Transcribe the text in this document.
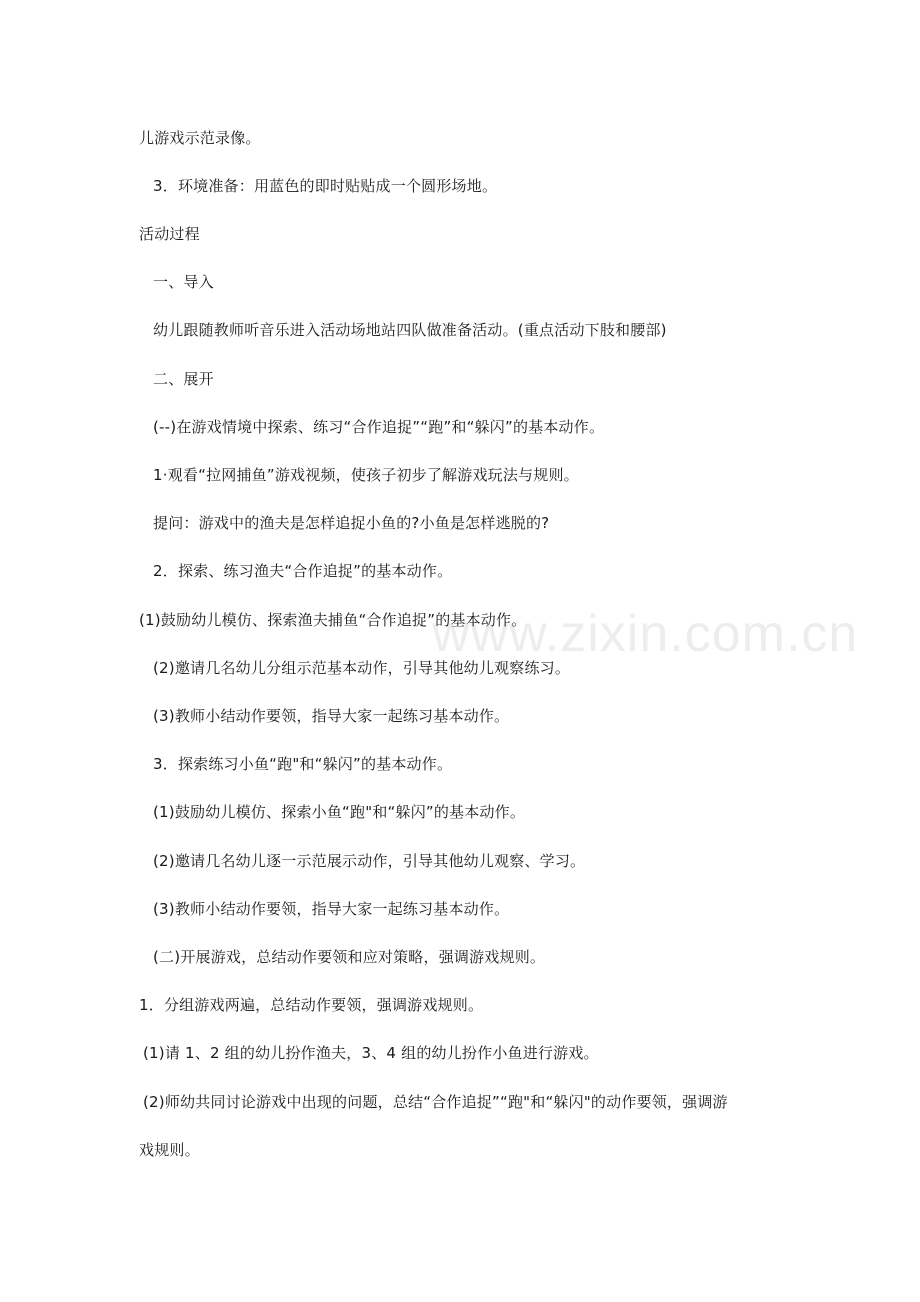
儿游戏示范录像。
3．环境准备：用蓝色的即时贴贴成一个圆形场地。
活动过程
一、导入
幼儿跟随教师听音乐进入活动场地站四队做准备活动。(重点活动下肢和腰部)
二、展开
(--)在游戏情境中探索、练习“合作追捉”“跑”和“躲闪”的基本动作。
1·观看“拉网捕鱼”游戏视频，使孩子初步了解游戏玩法与规则。
提问：游戏中的渔夫是怎样追捉小鱼的?小鱼是怎样逃脱的?
2．探索、练习渔夫“合作追捉”的基本动作。
(1)鼓励幼儿模仿、探索渔夫捕鱼“合作追捉”的基本动作。
(2)邀请几名幼儿分组示范基本动作，引导其他幼儿观察练习。
(3)教师小结动作要领，指导大家一起练习基本动作。
3．探索练习小鱼“跑"和“躲闪”的基本动作。
(1)鼓励幼儿模仿、探索小鱼“跑"和“躲闪”的基本动作。
(2)邀请几名幼儿逐一示范展示动作，引导其他幼儿观察、学习。
(3)教师小结动作要领，指导大家一起练习基本动作。
(二)开展游戏，总结动作要领和应对策略，强调游戏规则。
1．分组游戏两遍，总结动作要领，强调游戏规则。
(1)请 1、2 组的幼儿扮作渔夫，3、4 组的幼儿扮作小鱼进行游戏。
(2)师幼共同讨论游戏中出现的问题，总结“合作追捉”“跑"和“躲闪"的动作要领，强调游
戏规则。
www.zixin.com.cn
